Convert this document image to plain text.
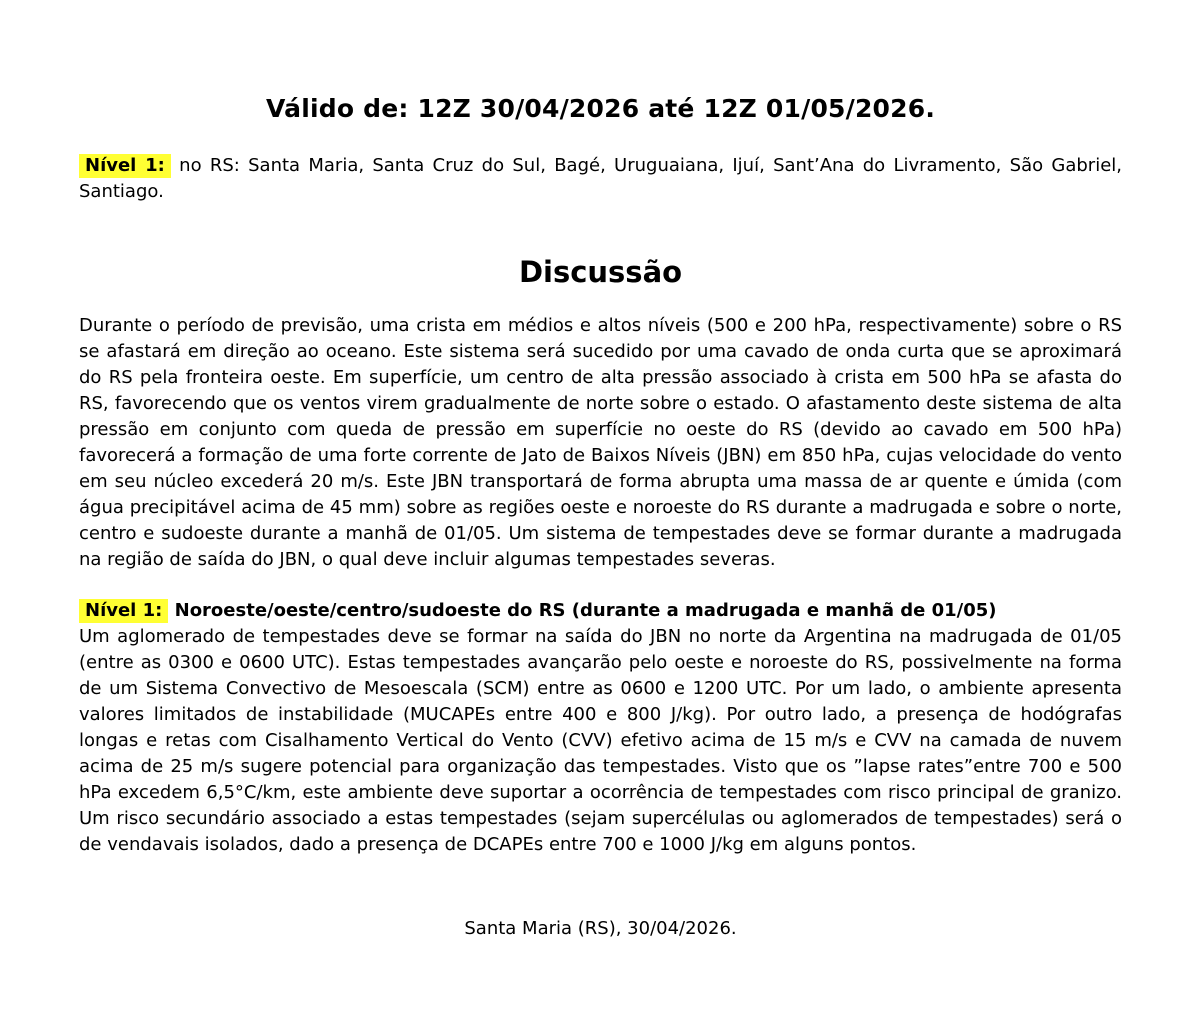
Válido de: 12Z 30/04/2026 até 12Z 01/05/2026.
Nível 1: no RS: Santa Maria, Santa Cruz do Sul, Bagé, Uruguaiana, Ijuí, Sant’Ana do Livramento, São Gabriel, Santiago.
Discussão

Durante o período de previsão, uma crista em médios e altos níveis (500 e 200 hPa, respectivamente) sobre o RS se afastará em direção ao oceano. Este sistema será sucedido por uma cavado de onda curta que se aproximará do RS pela fronteira oeste. Em superfície, um centro de alta pressão associado à crista em 500 hPa se afasta do RS, favorecendo que os ventos virem gradualmente de norte sobre o estado. O afastamento deste sistema de alta pressão em conjunto com queda de pressão em superfície no oeste do RS (devido ao cavado em 500 hPa) favorecerá a formação de uma forte corrente de Jato de Baixos Níveis (JBN) em 850 hPa, cujas velocidade do vento em seu núcleo excederá 20 m/s. Este JBN transportará de forma abrupta uma massa de ar quente e úmida (com água precipitável acima de 45 mm) sobre as regiões oeste e noroeste do RS durante a madrugada e sobre o norte, centro e sudoeste durante a manhã de 01/05. Um sistema de tempestades deve se formar durante a madrugada na região de saída do JBN, o qual deve incluir algumas tempestades severas.

Nível 1: Noroeste/oeste/centro/sudoeste do RS (durante a madrugada e manhã de 01/05)

Um aglomerado de tempestades deve se formar na saída do JBN no norte da Argentina na madrugada de 01/05 (entre as 0300 e 0600 UTC). Estas tempestades avançarão pelo oeste e noroeste do RS, possivelmente na forma de um Sistema Convectivo de Mesoescala (SCM) entre as 0600 e 1200 UTC. Por um lado, o ambiente apresenta valores limitados de instabilidade (MUCAPEs entre 400 e 800 J/kg). Por outro lado, a presença de hodógrafas longas e retas com Cisalhamento Vertical do Vento (CVV) efetivo acima de 15 m/s e CVV na camada de nuvem acima de 25 m/s sugere potencial para organização das tempestades. Visto que os ”lapse rates”entre 700 e 500 hPa excedem 6,5°C/km, este ambiente deve suportar a ocorrência de tempestades com risco principal de granizo. Um risco secundário associado a estas tempestades (sejam supercélulas ou aglomerados de tempestades) será o de vendavais isolados, dado a presença de DCAPEs entre 700 e 1000 J/kg em alguns pontos.

Santa Maria (RS), 30/04/2026.
